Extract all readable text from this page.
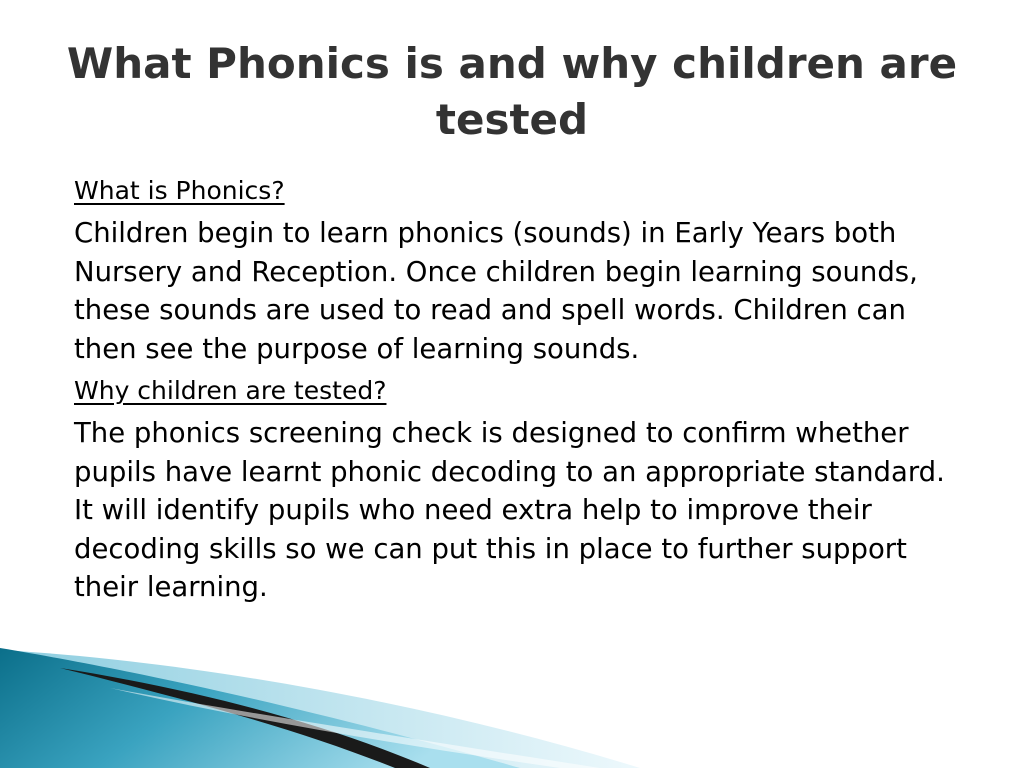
What Phonics is and why children are tested
What is Phonics?

Children begin to learn phonics (sounds) in Early Years both Nursery and Reception. Once children begin learning sounds, these sounds are used to read and spell words. Children can then see the purpose of learning sounds.

Why children are tested?

The phonics screening check is designed to confirm whether pupils have learnt phonic decoding to an appropriate standard. It will identify pupils who need extra help to improve their decoding skills so we can put this in place to further support their learning.
